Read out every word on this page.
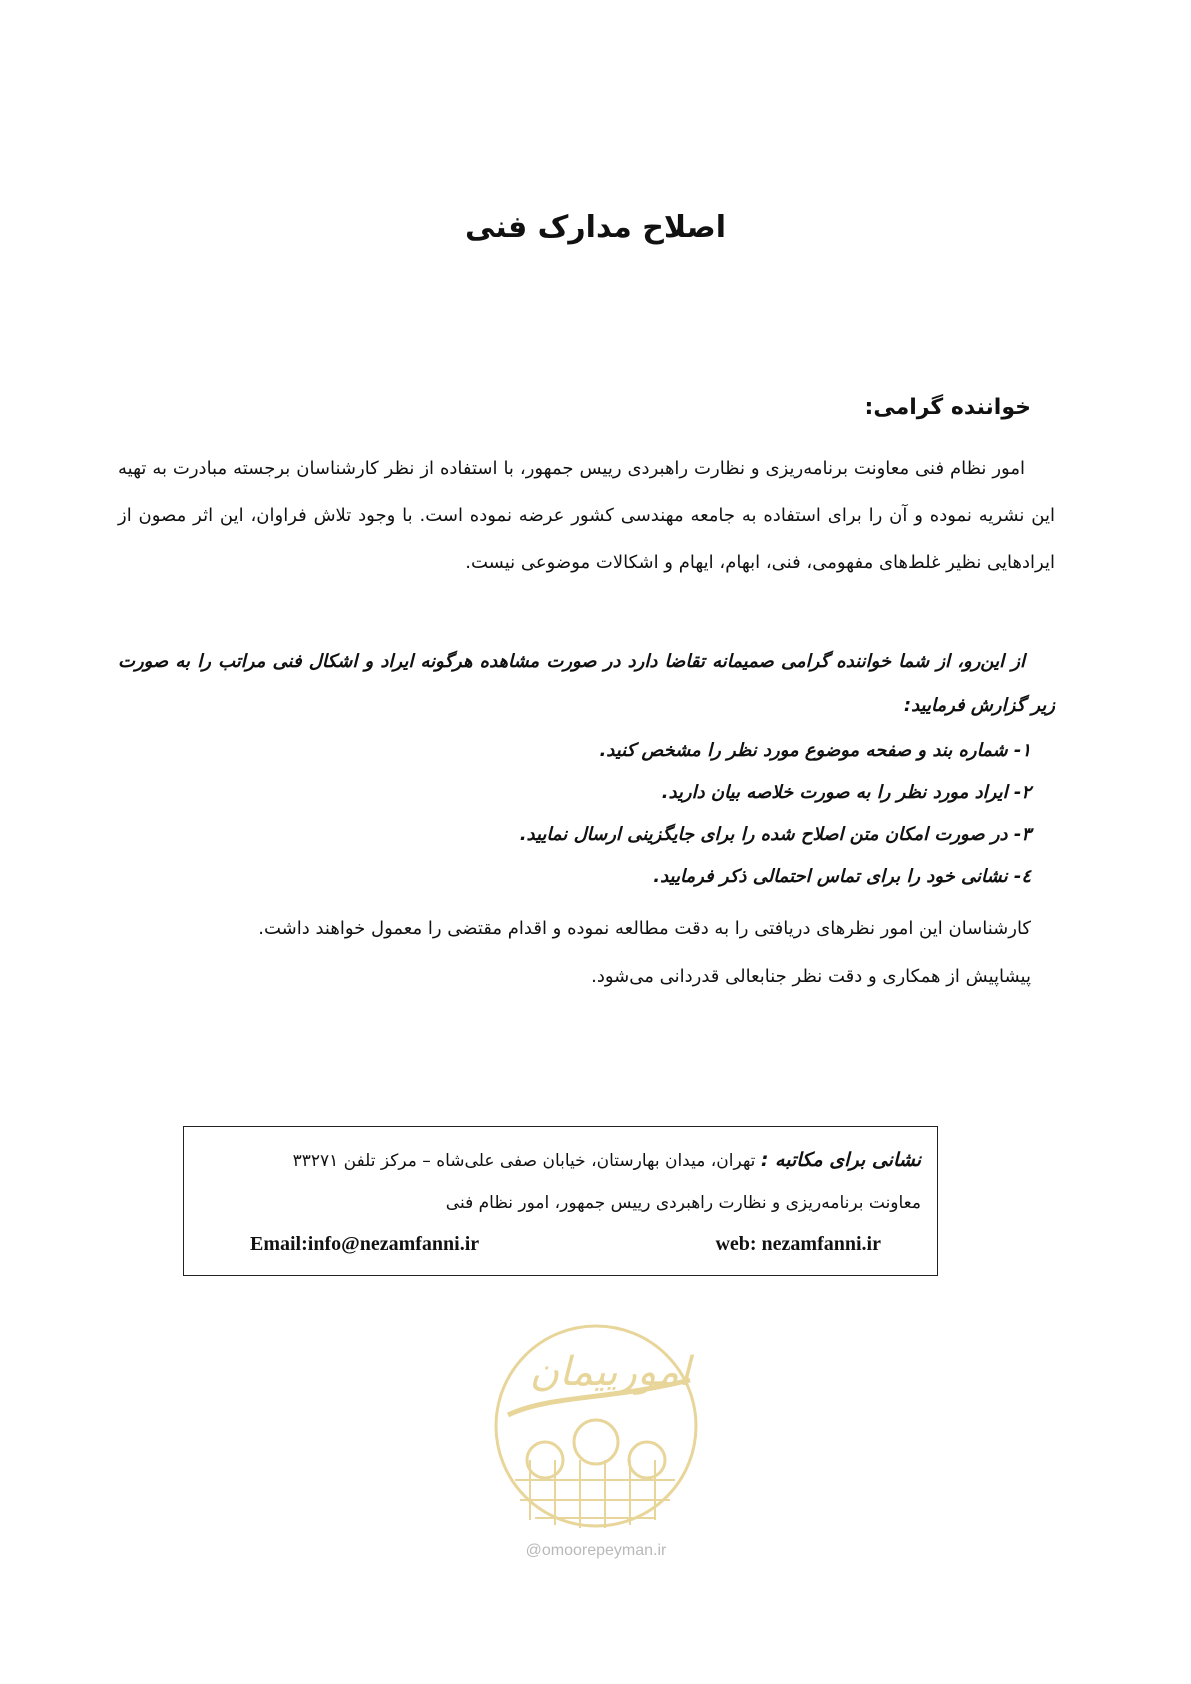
اصلاح مدارک فنی
خواننده گرامی:

امور نظام فنی معاونت برنامه‌ریزی و نظارت راهبردی رییس جمهور، با استفاده از نظر کارشناسان برجسته مبادرت به تهیه این نشریه نموده و آن را برای استفاده به جامعه مهندسی کشور عرضه نموده است. با وجود تلاش فراوان، این اثر مصون از ایرادهایی نظیر غلط‌های مفهومی، فنی، ابهام، ایهام و اشکالات موضوعی نیست.

از این‌رو، از شما خواننده گرامی صمیمانه تقاضا دارد در صورت مشاهده هرگونه ایراد و اشکال فنی مراتب را به صورت زیر گزارش فرمایید:

۱- شماره بند و صفحه موضوع مورد نظر را مشخص کنید.
۲- ایراد مورد نظر را به صورت خلاصه بیان دارید.
۳- در صورت امکان متن اصلاح شده را برای جایگزینی ارسال نمایید.
٤- نشانی خود را برای تماس احتمالی ذکر فرمایید.

کارشناسان این امور نظرهای دریافتی را به دقت مطالعه نموده و اقدام مقتضی را معمول خواهند داشت.

پیشاپیش از همکاری و دقت نظر جنابعالی قدردانی می‌شود.

نشانی برای مکاتبه : تهران، میدان بهارستان، خیابان صفی علی‌شاه – مرکز تلفن ۳۳۲۷۱
معاونت برنامه‌ریزی و نظارت راهبردی رییس جمهور، امور نظام فنی
Email:info@nezamfanni.ir	web: nezamfanni.ir
امورپیمان
@omoorepeyman.ir
